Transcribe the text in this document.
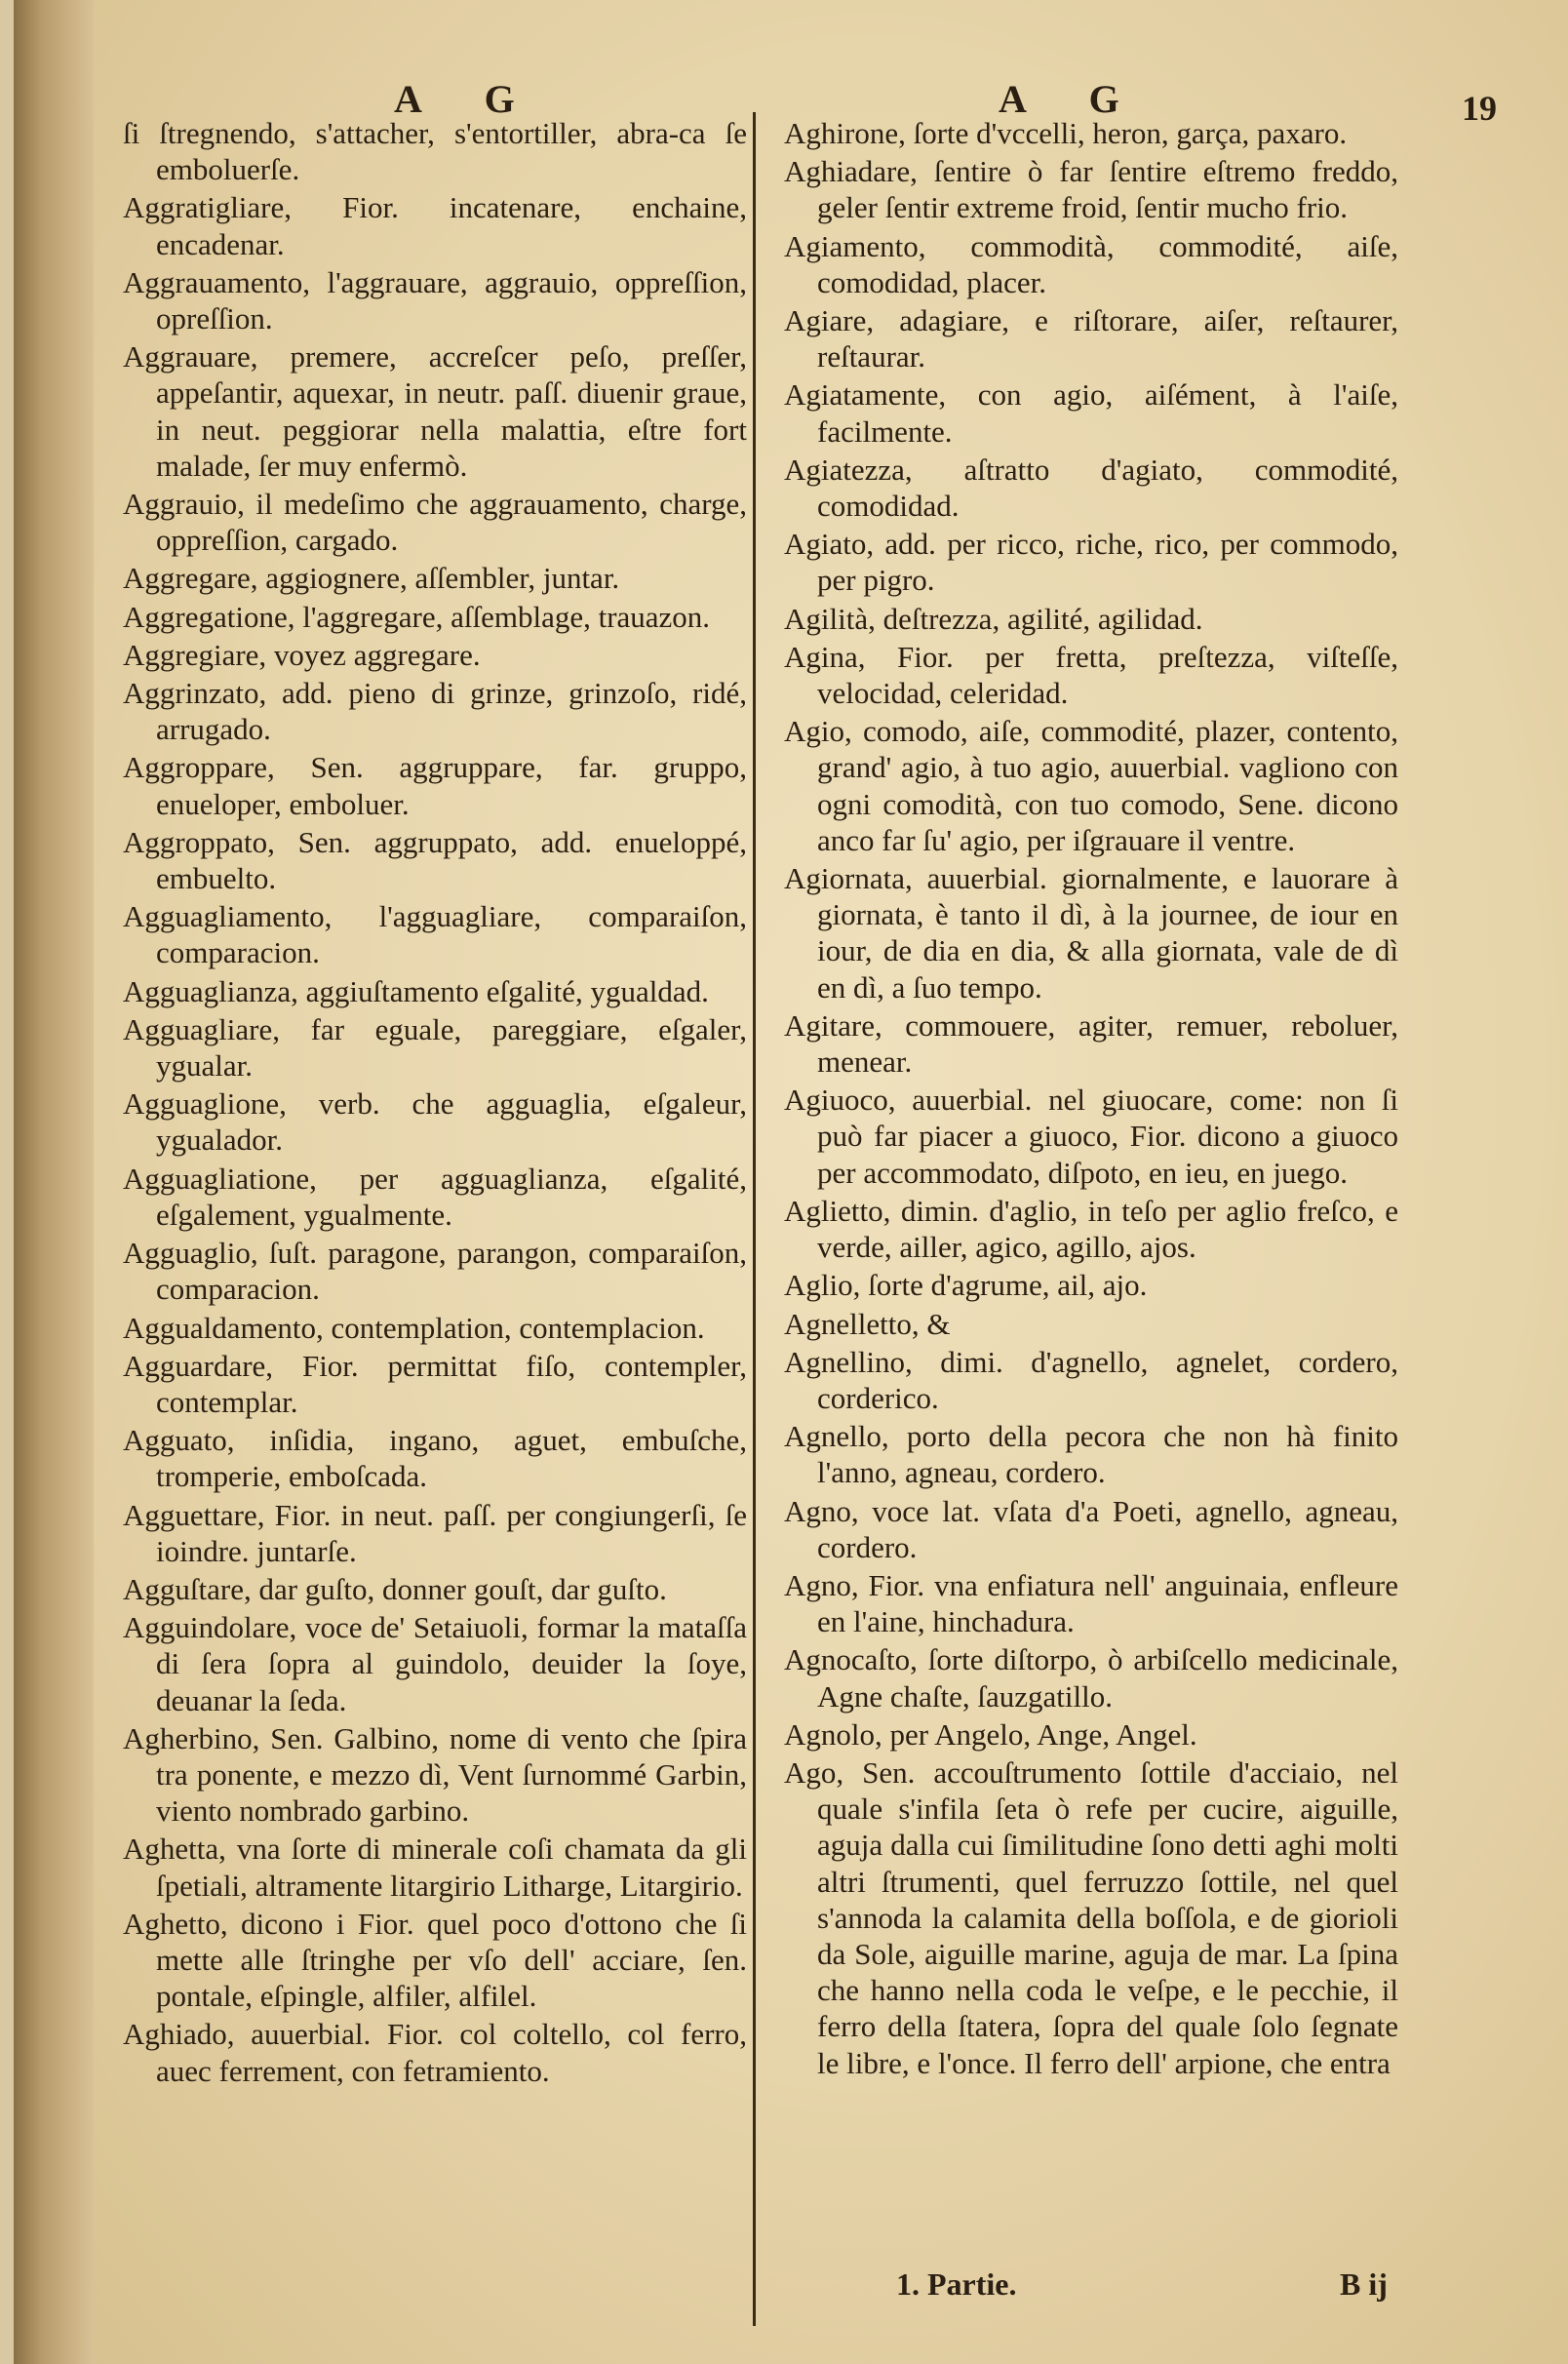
A G	A G	19

ſi ſtregnendo, s'attacher, s'entortiller, abra-ca ſe emboluerſe.

Aggratigliare, Fior. incatenare, enchaine, encadenar.

Aggrauamento, l'aggrauare, aggrauio, oppreſſion, opreſſion.

Aggrauare, premere, accreſcer peſo, preſſer, appeſantir, aquexar, in neutr. paſſ. diuenir graue, in neut. peggiorar nella malattia, eſtre fort malade, ſer muy enfermò.

Aggrauio, il medeſimo che aggrauamento, charge, oppreſſion, cargado.

Aggregare, aggiognere, aſſembler, juntar.

Aggregatione, l'aggregare, aſſemblage, trauazon.

Aggregiare, voyez aggregare.

Aggrinzato, add. pieno di grinze, grinzoſo, ridé, arrugado.

Aggroppare, Sen. aggruppare, far. gruppo, enueloper, emboluer.

Aggroppato, Sen. aggruppato, add. enueloppé, embuelto.

Agguagliamento, l'agguagliare, comparaiſon, comparacion.

Agguaglianza, aggiuſtamento eſgalité, ygualdad.

Agguagliare, far eguale, pareggiare, eſgaler, ygualar.

Agguaglione, verb. che agguaglia, eſgaleur, ygualador.

Agguagliatione, per agguaglianza, eſgalité, eſgalement, ygualmente.

Agguaglio, ſuſt. paragone, parangon, comparaiſon, comparacion.

Aggualdamento, contemplation, contemplacion.

Agguardare, Fior. permittat fiſo, contempler, contemplar.

Agguato, inſidia, ingano, aguet, embuſche, tromperie, emboſcada.

Agguettare, Fior. in neut. paſſ. per congiungerſi, ſe ioindre. juntarſe.

Agguſtare, dar guſto, donner gouſt, dar guſto.

Agguindolare, voce de' Setaiuoli, formar la mataſſa di ſera ſopra al guindolo, deuider la ſoye, deuanar la ſeda.

Agherbino, Sen. Galbino, nome di vento che ſpira tra ponente, e mezzo dì, Vent ſurnommé Garbin, viento nombrado garbino.

Aghetta, vna ſorte di minerale coſi chamata da gli ſpetiali, altramente litargirio Litharge, Litargirio.

Aghetto, dicono i Fior. quel poco d'ottono che ſi mette alle ſtringhe per vſo dell' acciare, ſen. pontale, eſpingle, alfiler, alfilel.

Aghiado, auuerbial. Fior. col coltello, col ferro, auec ferrement, con fetramiento.

Aghirone, ſorte d'vccelli, heron, garça, paxaro.

Aghiadare, ſentire ò far ſentire eſtremo freddo, geler ſentir extreme froid, ſentir mucho frio.

Agiamento, commodità, commodité, aiſe, comodidad, placer.

Agiare, adagiare, e riſtorare, aiſer, reſtaurer, reſtaurar.

Agiatamente, con agio, aiſément, à l'aiſe, facilmente.

Agiatezza, aſtratto d'agiato, commodité, comodidad.

Agiato, add. per ricco, riche, rico, per commodo, per pigro.

Agilità, deſtrezza, agilité, agilidad.

Agina, Fior. per fretta, preſtezza, viſteſſe, velocidad, celeridad.

Agio, comodo, aiſe, commodité, plazer, contento, grand' agio, à tuo agio, auuerbial. vagliono con ogni comodità, con tuo comodo, Sene. dicono anco far ſu' agio, per iſgrauare il ventre.

Agiornata, auuerbial. giornalmente, e lauorare à giornata, è tanto il dì, à la journee, de iour en iour, de dia en dia, & alla giornata, vale de dì en dì, a ſuo tempo.

Agitare, commouere, agiter, remuer, reboluer, menear.

Agiuoco, auuerbial. nel giuocare, come: non ſi può far piacer a giuoco, Fior. dicono a giuoco per accommodato, diſpoto, en ieu, en juego.

Aglietto, dimin. d'aglio, in teſo per aglio freſco, e verde, ailler, agico, agillo, ajos.

Aglio, ſorte d'agrume, ail, ajo.

Agnelletto, &

Agnellino, dimi. d'agnello, agnelet, cordero, corderico.

Agnello, porto della pecora che non hà finito l'anno, agneau, cordero.

Agno, voce lat. vſata d'a Poeti, agnello, agneau, cordero.

Agno, Fior. vna enfiatura nell' anguinaia, enfleure en l'aine, hinchadura.

Agnocaſto, ſorte diſtorpo, ò arbiſcello medicinale, Agne chaſte, ſauzgatillo.

Agnolo, per Angelo, Ange, Angel.

Ago, Sen. accouſtrumento ſottile d'acciaio, nel quale s'infila ſeta ò refe per cucire, aiguille, aguja dalla cui ſimilitudine ſono detti aghi molti altri ſtrumenti, quel ferruzzo ſottile, nel quel s'annoda la calamita della boſſola, e de giorioli da Sole, aiguille marine, aguja de mar. La ſpina che hanno nella coda le veſpe, e le pecchie, il ferro della ſtatera, ſopra del quale ſolo ſegnate le libre, e l'once. Il ferro dell' arpione, che entra

1. Partie.	B ij
